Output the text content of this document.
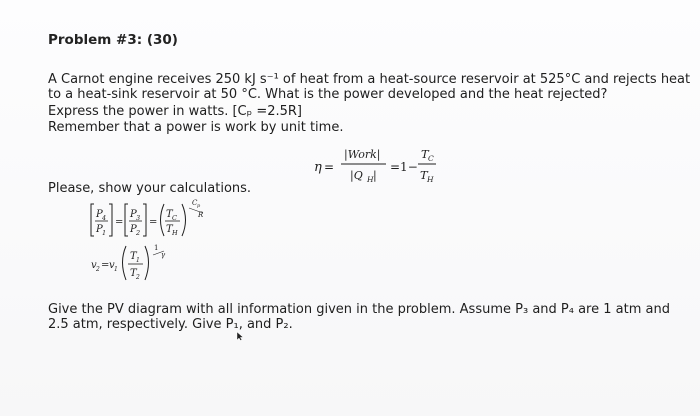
Problem #3: (30)
A Carnot engine receives 250 kJ s⁻¹ of heat from a heat-source reservoir at 525°C and rejects heat
to a heat-sink reservoir at 50 °C. What is the power developed and the heat rejected?
Express the power in watts. [Cₚ =2.5R]
Remember that a power is work by unit time.
η =
|Work|
|Q H |
=1−
T C
T H
Please, show your calculations.
P 4
P 1
=
P 3
P 2
=
T C
T H
C p
R
v 2 = v 1
T 1
T 2
1
γ
Give the PV diagram with all information given in the problem. Assume P₃ and P₄ are 1 atm and
2.5 atm, respectively. Give P₁, and P₂.
